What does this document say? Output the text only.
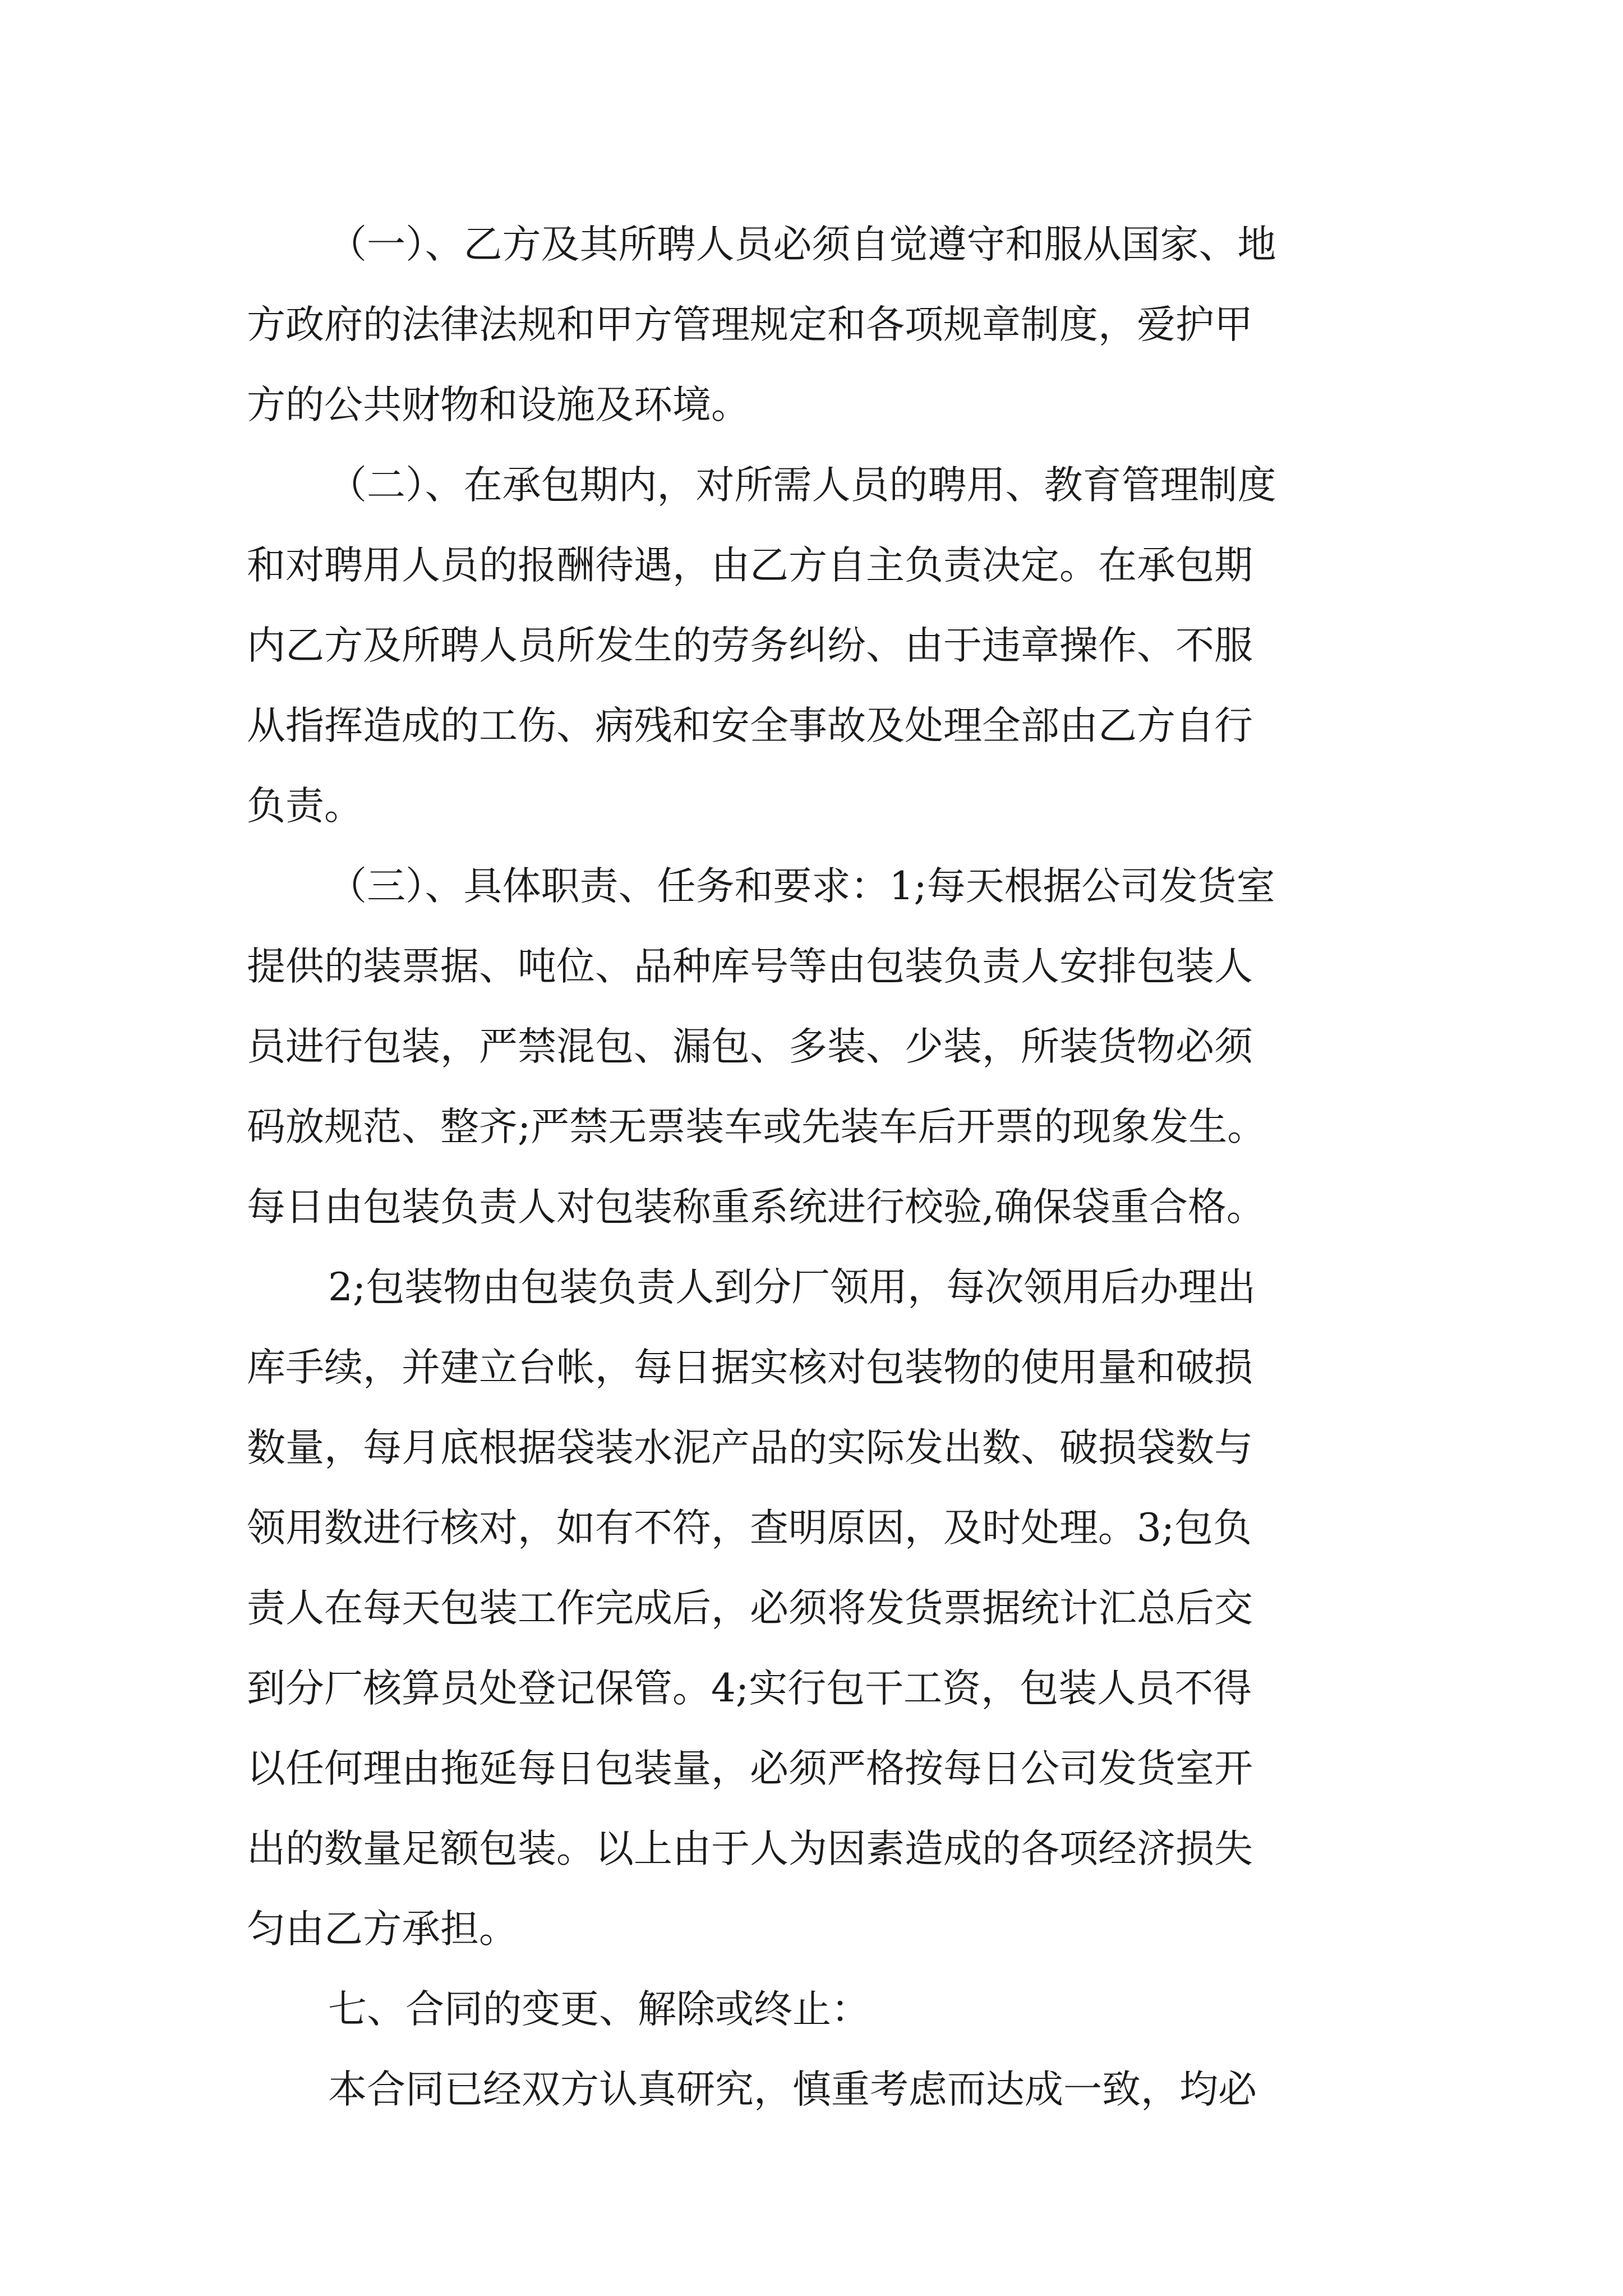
（一）、乙方及其所聘人员必须自觉遵守和服从国家、地

方政府的法律法规和甲方管理规定和各项规章制度，爱护甲

方的公共财物和设施及环境。

（二）、在承包期内，对所需人员的聘用、教育管理制度

和对聘用人员的报酬待遇，由乙方自主负责决定。在承包期

内乙方及所聘人员所发生的劳务纠纷、由于违章操作、不服

从指挥造成的工伤、病残和安全事故及处理全部由乙方自行

负责。

（三）、具体职责、任务和要求：1;每天根据公司发货室

提供的装票据、吨位、品种库号等由包装负责人安排包装人

员进行包装，严禁混包、漏包、多装、少装，所装货物必须

码放规范、整齐;严禁无票装车或先装车后开票的现象发生。

每日由包装负责人对包装称重系统进行校验,确保袋重合格。

2;包装物由包装负责人到分厂领用，每次领用后办理出

库手续，并建立台帐，每日据实核对包装物的使用量和破损

数量，每月底根据袋装水泥产品的实际发出数、破损袋数与

领用数进行核对，如有不符，查明原因，及时处理。3;包负

责人在每天包装工作完成后，必须将发货票据统计汇总后交

到分厂核算员处登记保管。4;实行包干工资，包装人员不得

以任何理由拖延每日包装量，必须严格按每日公司发货室开

出的数量足额包装。以上由于人为因素造成的各项经济损失

匀由乙方承担。

七、合同的变更、解除或终止：

本合同已经双方认真研究，慎重考虑而达成一致，均必
